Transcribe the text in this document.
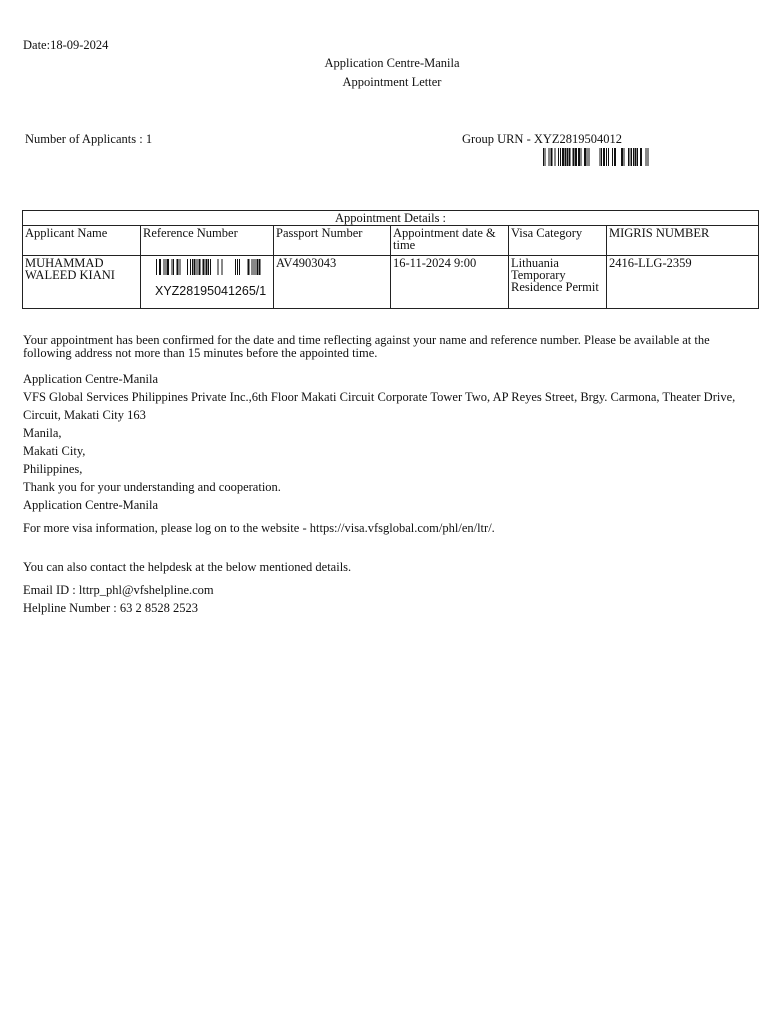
Date:18-09-2024
Application Centre-Manila
Appointment Letter
Number of Applicants : 1	Group URN - XYZ2819504012
Appointment Details :					
Applicant Name	Reference Number	Passport Number	Appointment date & time	Visa Category	MIGRIS NUMBER
MUHAMMAD WALEED KIANI	XYZ28195041265/1	AV4903043	16-11-2024 9:00	Lithuania Temporary Residence Permit	2416-LLG-2359

Your appointment has been confirmed for the date and time reflecting against your name and reference number. Please be available at the following address not more than 15 minutes before the appointed time.

Application Centre-Manila

VFS Global Services Philippines Private Inc.,6th Floor Makati Circuit Corporate Tower Two, AP Reyes Street, Brgy. Carmona, Theater Drive, Circuit, Makati City 163

Manila,

Makati City,

Philippines,

Thank you for your understanding and cooperation.

Application Centre-Manila

For more visa information, please log on to the website - https://visa.vfsglobal.com/phl/en/ltr/.

You can also contact the helpdesk at the below mentioned details.

Email ID : lttrp_phl@vfshelpline.com

Helpline Number : 63 2 8528 2523
